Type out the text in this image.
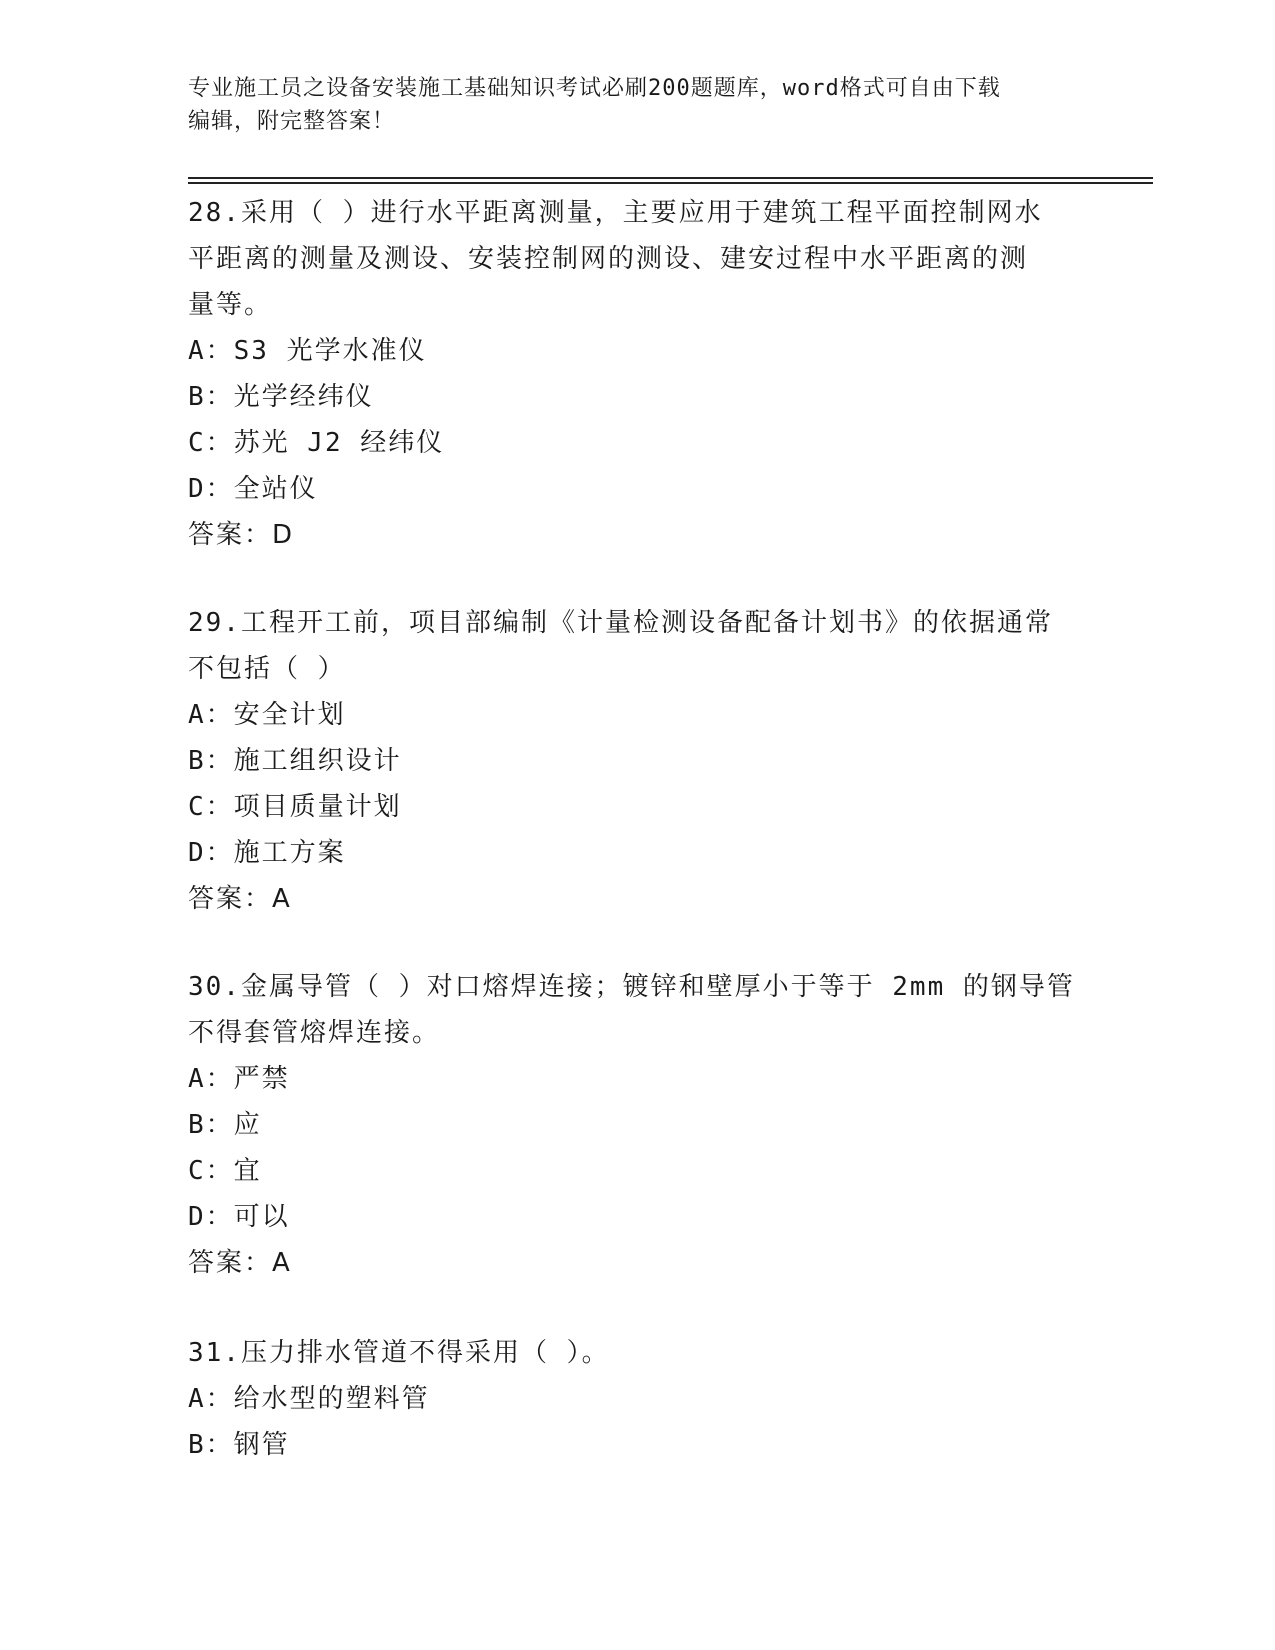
专业施工员之设备安装施工基础知识考试必刷200题题库，word格式可自由下载
编辑，附完整答案！

28.采用（ ）进行水平距离测量，主要应用于建筑工程平面控制网水

平距离的测量及测设、安装控制网的测设、建安过程中水平距离的测

量等。

A：S3 光学水准仪

B：光学经纬仪

C：苏光 J2 经纬仪

D：全站仪

答案：D

29.工程开工前，项目部编制《计量检测设备配备计划书》的依据通常

不包括（ ）

A：安全计划

B：施工组织设计

C：项目质量计划

D：施工方案

答案：A

30.金属导管（ ）对口熔焊连接；镀锌和壁厚小于等于 2mm 的钢导管

不得套管熔焊连接。

A：严禁

B：应

C：宜

D：可以

答案：A

31.压力排水管道不得采用（ ）。

A：给水型的塑料管

B：钢管
